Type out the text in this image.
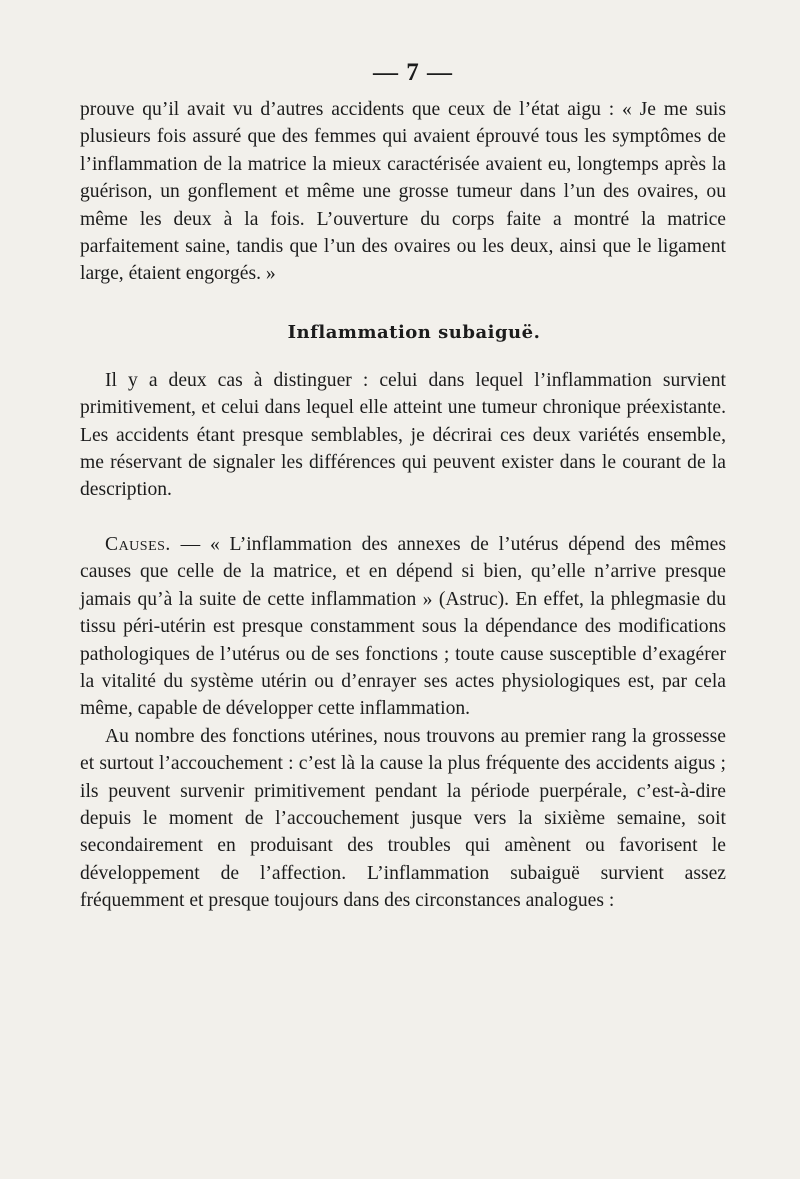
— 7 —

prouve qu’il avait vu d’autres accidents que ceux de l’état aigu : « Je me suis plusieurs fois assuré que des femmes qui avaient éprouvé tous les symptômes de l’inflammation de la matrice la mieux caractérisée avaient eu, longtemps après la guérison, un gonflement et même une grosse tumeur dans l’un des ovaires, ou même les deux à la fois. L’ouverture du corps faite a montré la matrice parfaitement saine, tandis que l’un des ovaires ou les deux, ainsi que le ligament large, étaient engorgés. »

Inflammation subaiguë.

Il y a deux cas à distinguer : celui dans lequel l’inflammation survient primitivement, et celui dans lequel elle atteint une tumeur chronique préexistante. Les accidents étant presque semblables, je décrirai ces deux variétés ensemble, me réservant de signaler les différences qui peuvent exister dans le courant de la description.

Causes. — « L’inflammation des annexes de l’utérus dépend des mêmes causes que celle de la matrice, et en dépend si bien, qu’elle n’arrive presque jamais qu’à la suite de cette inflammation » (Astruc). En effet, la phlegmasie du tissu péri-utérin est presque constamment sous la dépendance des modifications pathologiques de l’utérus ou de ses fonctions ; toute cause susceptible d’exagérer la vitalité du système utérin ou d’enrayer ses actes physiologiques est, par cela même, capable de développer cette inflammation.

Au nombre des fonctions utérines, nous trouvons au premier rang la grossesse et surtout l’accouchement : c’est là la cause la plus fréquente des accidents aigus ; ils peuvent survenir primitivement pendant la période puerpérale, c’est-à-dire depuis le moment de l’accouchement jusque vers la sixième semaine, soit secondairement en produisant des troubles qui amènent ou favorisent le développement de l’affection. L’inflammation subaiguë survient assez fréquemment et presque toujours dans des circonstances analogues :
